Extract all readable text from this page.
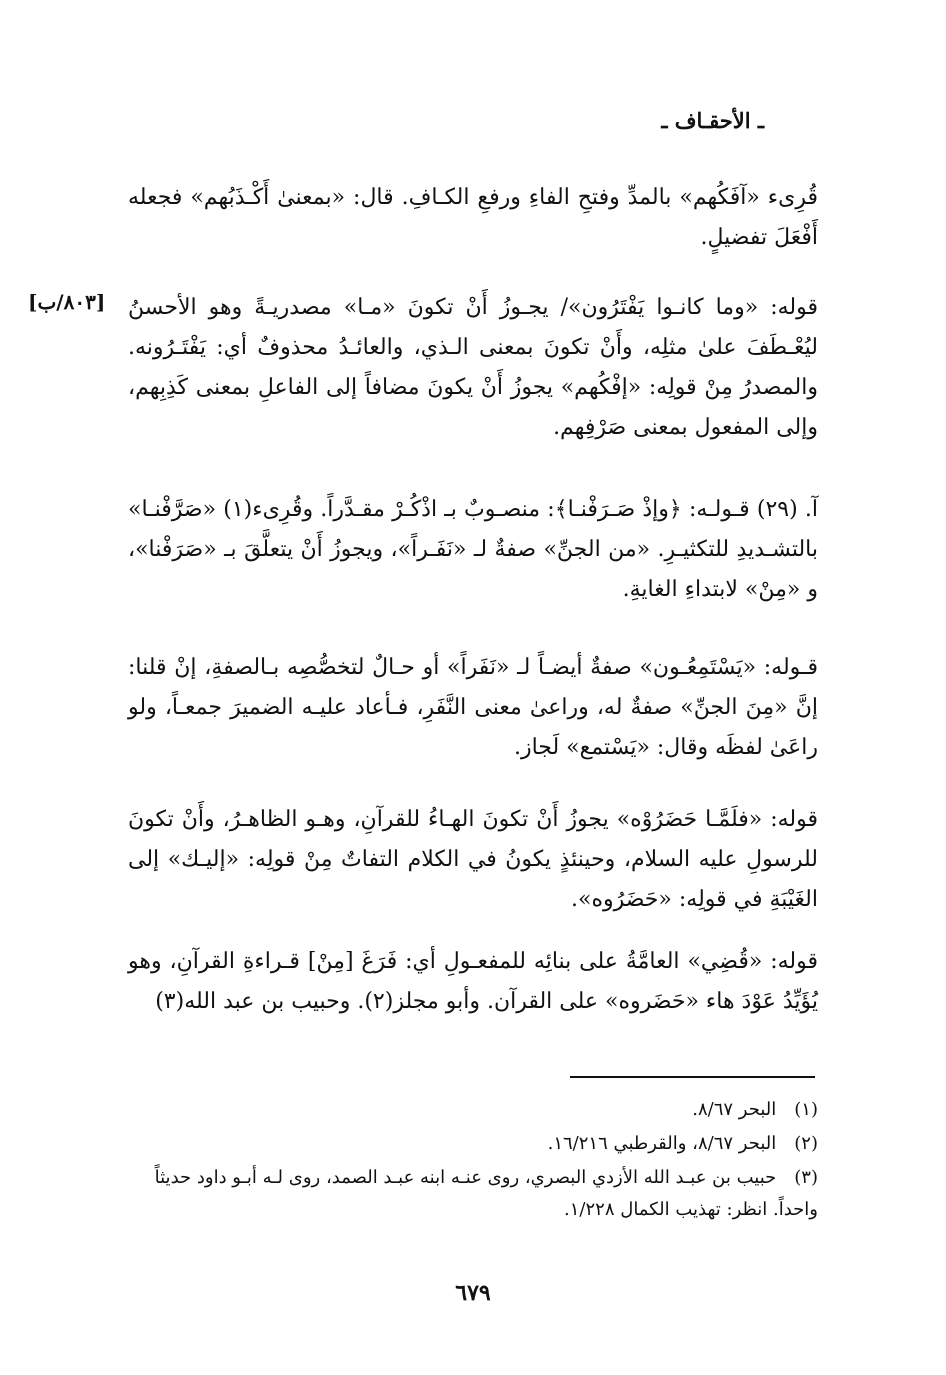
ـ الأحقـاف ـ
[٨٠٣/ب]

قُرِىء «آفَكُهم» بالمدِّ وفتحِ الفاءِ ورفعِ الكـافِ. قال: «بمعنىٰ أَكْـذَبُهم» فجعله أَفْعَلَ تفضيلٍ.

قوله: «وما كانـوا يَفْتَرُون»/ يجـوزُ أَنْ تكونَ «مـا» مصدريـةً وهو الأحسنُ ليُعْـطَفَ علىٰ مثلِه، وأَنْ تكونَ بمعنى الـذي، والعائـدُ محذوفٌ أي: يَفْتَـرُونه. والمصدرُ مِنْ قولِه: «إفْكُهم» يجوزُ أَنْ يكونَ مضافاً إلى الفاعلِ بمعنى كَذِبِهم، وإلى المفعول بمعنى صَرْفِهم.

آ. (٢٩) قـولـه: ﴿وإذْ صَـرَفْنـا﴾: منصـوبٌ بـ اذْكُـرْ مقـدَّراً. وقُرِىء(١) «صَرَّفْنـا» بالتشـديدِ للتكثيـرِ. «من الجنِّ» صفةٌ لـ «نَفَـراً»، ويجوزُ أَنْ يتعلَّقَ بـ «صَرَفْنا»، و «مِنْ» لابتداءِ الغايةِ.

قـوله: «يَسْتَمِعُـون» صفةٌ أيضـاً لـ «نَفَراً» أو حـالٌ لتخصُّصِه بـالصفةِ، إنْ قلنا: إنَّ «مِنَ الجنِّ» صفةٌ له، وراعىٰ معنى النَّفَرِ، فـأعاد عليـه الضميرَ جمعـاً، ولو راعَىٰ لفظَه وقال: «يَسْتمع» لَجاز.

قوله: «فلَمَّـا حَضَرُوْه» يجوزُ أَنْ تكونَ الهـاءُ للقرآنِ، وهـو الظاهـرُ، وأَنْ تكونَ للرسولِ عليه السلام، وحينئذٍ يكونُ في الكلام التفاتٌ مِنْ قولِه: «إليـك» إلى الغَيْبَةِ في قولِه: «حَضَرُوه».

قوله: «قُضِي» العامَّةُ على بنائِه للمفعـولِ أي: فَرَغَ [مِنْ] قـراءةِ القرآنِ، وهو يُؤَيِّدُ عَوْدَ هاء «حَضَروه» على القرآن. وأبو مجلز(٢). وحبيب بن عبد الله(٣)

(١) البحر ٨/٦٧.
(٢) البحر ٨/٦٧، والقرطبي ١٦/٢١٦.
(٣) حبيب بن عبـد الله الأزدي البصري، روى عنـه ابنه عبـد الصمد، روى لـه أبـو داود حديثاً واحداً. انظر: تهذيب الكمال ١/٢٢٨.
٦٧٩
